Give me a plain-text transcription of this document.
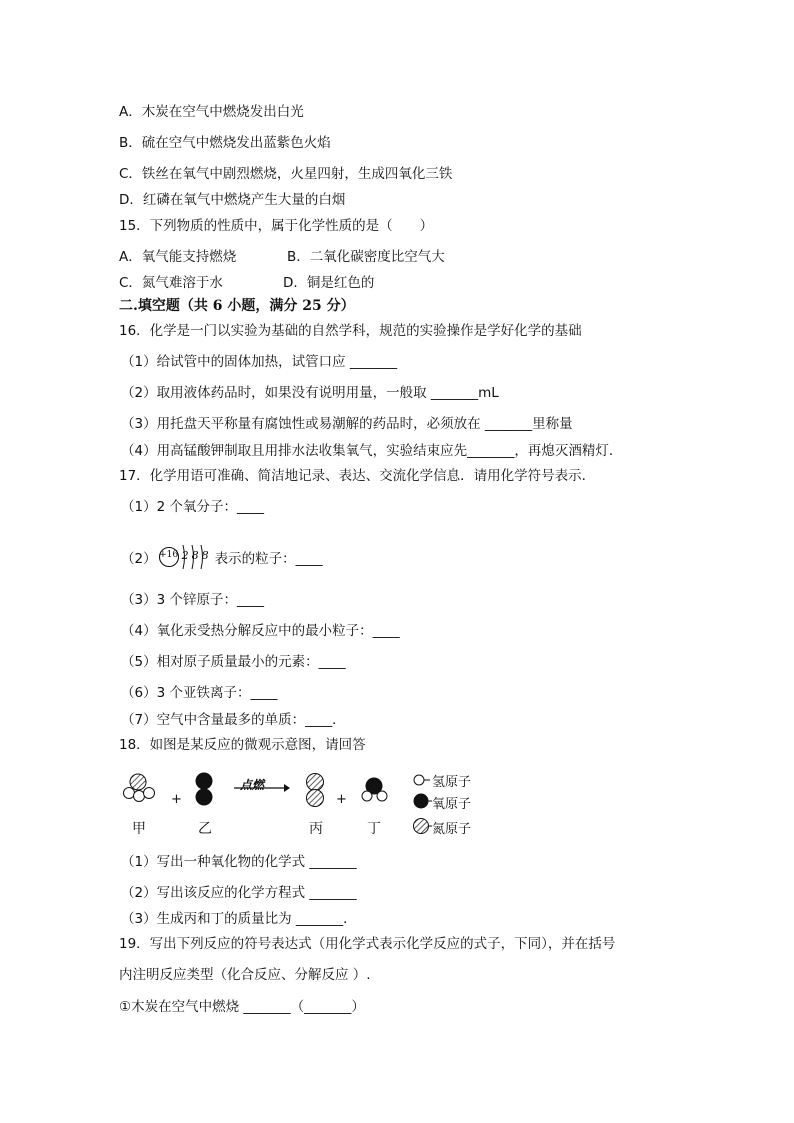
A．木炭在空气中燃烧发出白光

B．硫在空气中燃烧发出蓝紫色火焰

C．铁丝在氧气中剧烈燃烧，火星四射，生成四氧化三铁

D．红磷在氧气中燃烧产生大量的白烟

15．下列物质的性质中，属于化学性质的是（　　）

A．氧气能支持燃烧	B．二氧化碳密度比空气大

C．氮气难溶于水	D．铜是红色的

二.填空题（共 6 小题，满分 25 分）

16．化学是一门以实验为基础的自然学科，规范的实验操作是学好化学的基础

（1）给试管中的固体加热，试管口应 _______

（2）取用液体药品时，如果没有说明用量，一般取 _______mL

（3）用托盘天平称量有腐蚀性或易潮解的药品时，必须放在 _______里称量

（4）用高锰酸钾制取且用排水法收集氧气，实验结束应先_______，再熄灭酒精灯．

17．化学用语可准确、简洁地记录、表达、交流化学信息．请用化学符号表示．

（1）2 个氧分子：____

（2） +16 288 表示的粒子：____

（3）3 个锌原子：____

（4）氧化汞受热分解反应中的最小粒子：____

（5）相对原子质量最小的元素：____

（6）3 个亚铁离子：____

（7）空气中含量最多的单质：____．

18．如图是某反应的微观示意图，请回答

+	+
点燃
甲	乙	丙	丁
氢原子
氧原子
氮原子

（1）写出一种氧化物的化学式 _______

（2）写出该反应的化学方程式 _______

（3）生成丙和丁的质量比为 _______．

19．写出下列反应的符号表达式（用化学式表示化学反应的式子，下同），并在括号

内注明反应类型（化合反应、分解反应 ）.

①木炭在空气中燃烧 _______（_______）
